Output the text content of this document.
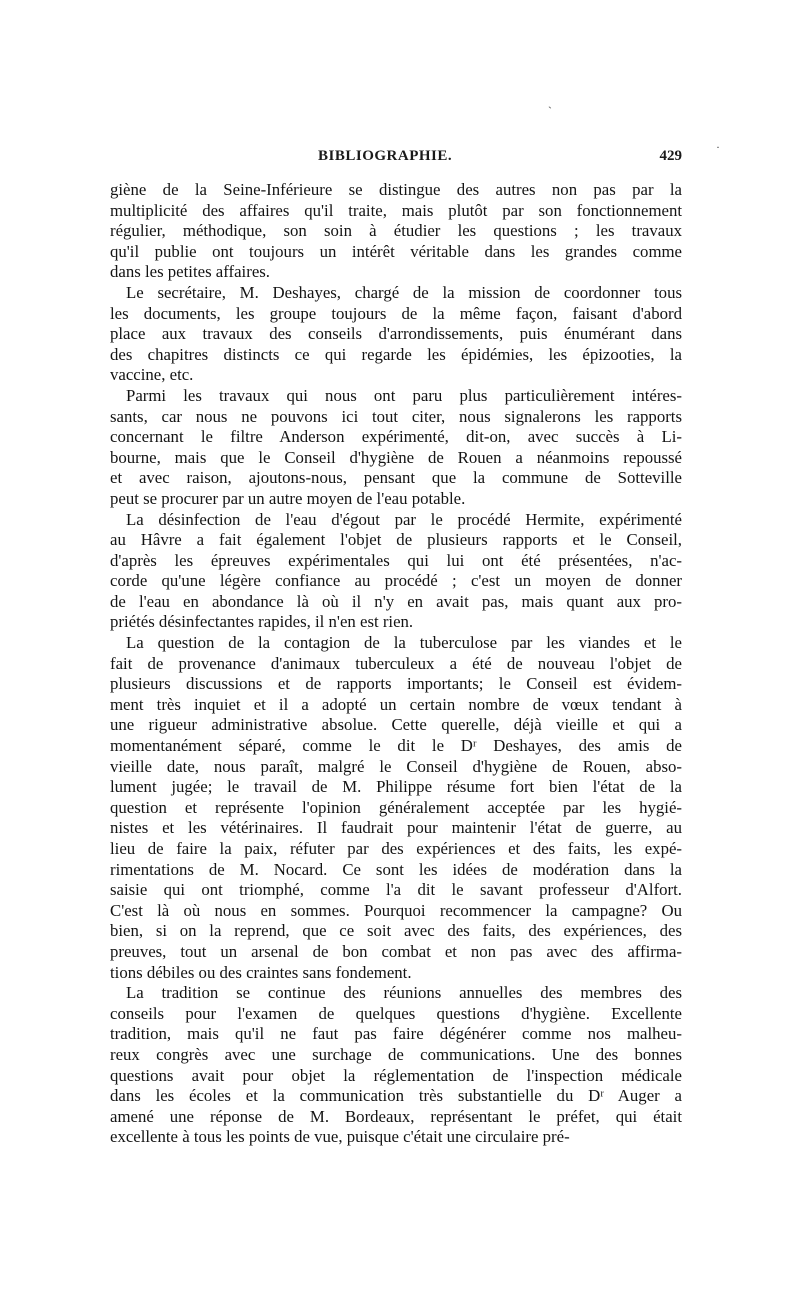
BIBLIOGRAPHIE.	429
giène de la Seine-Inférieure se distingue des autres non pas par la
multiplicité des affaires qu'il traite, mais plutôt par son fonctionnement
régulier, méthodique, son soin à étudier les questions ; les travaux
qu'il publie ont toujours un intérêt véritable dans les grandes comme
dans les petites affaires.
Le secrétaire, M. Deshayes, chargé de la mission de coordonner tous
les documents, les groupe toujours de la même façon, faisant d'abord
place aux travaux des conseils d'arrondissements, puis énumérant dans
des chapitres distincts ce qui regarde les épidémies, les épizooties, la
vaccine, etc.
Parmi les travaux qui nous ont paru plus particulièrement intéres-
sants, car nous ne pouvons ici tout citer, nous signalerons les rapports
concernant le filtre Anderson expérimenté, dit-on, avec succès à Li-
bourne, mais que le Conseil d'hygiène de Rouen a néanmoins repoussé
et avec raison, ajoutons-nous, pensant que la commune de Sotteville
peut se procurer par un autre moyen de l'eau potable.
La désinfection de l'eau d'égout par le procédé Hermite, expérimenté
au Hâvre a fait également l'objet de plusieurs rapports et le Conseil,
d'après les épreuves expérimentales qui lui ont été présentées, n'ac-
corde qu'une légère confiance au procédé ; c'est un moyen de donner
de l'eau en abondance là où il n'y en avait pas, mais quant aux pro-
priétés désinfectantes rapides, il n'en est rien.
La question de la contagion de la tuberculose par les viandes et le
fait de provenance d'animaux tuberculeux a été de nouveau l'objet de
plusieurs discussions et de rapports importants; le Conseil est évidem-
ment très inquiet et il a adopté un certain nombre de vœux tendant à
une rigueur administrative absolue. Cette querelle, déjà vieille et qui a
momentanément séparé, comme le dit le Dʳ Deshayes, des amis de
vieille date, nous paraît, malgré le Conseil d'hygiène de Rouen, abso-
lument jugée; le travail de M. Philippe résume fort bien l'état de la
question et représente l'opinion généralement acceptée par les hygié-
nistes et les vétérinaires. Il faudrait pour maintenir l'état de guerre, au
lieu de faire la paix, réfuter par des expériences et des faits, les expé-
rimentations de M. Nocard. Ce sont les idées de modération dans la
saisie qui ont triomphé, comme l'a dit le savant professeur d'Alfort.
C'est là où nous en sommes. Pourquoi recommencer la campagne? Ou
bien, si on la reprend, que ce soit avec des faits, des expériences, des
preuves, tout un arsenal de bon combat et non pas avec des affirma-
tions débiles ou des craintes sans fondement.
La tradition se continue des réunions annuelles des membres des
conseils pour l'examen de quelques questions d'hygiène. Excellente
tradition, mais qu'il ne faut pas faire dégénérer comme nos malheu-
reux congrès avec une surchage de communications. Une des bonnes
questions avait pour objet la réglementation de l'inspection médicale
dans les écoles et la communication très substantielle du Dʳ Auger a
amené une réponse de M. Bordeaux, représentant le préfet, qui était
excellente à tous les points de vue, puisque c'était une circulaire pré-
ˋ
·
